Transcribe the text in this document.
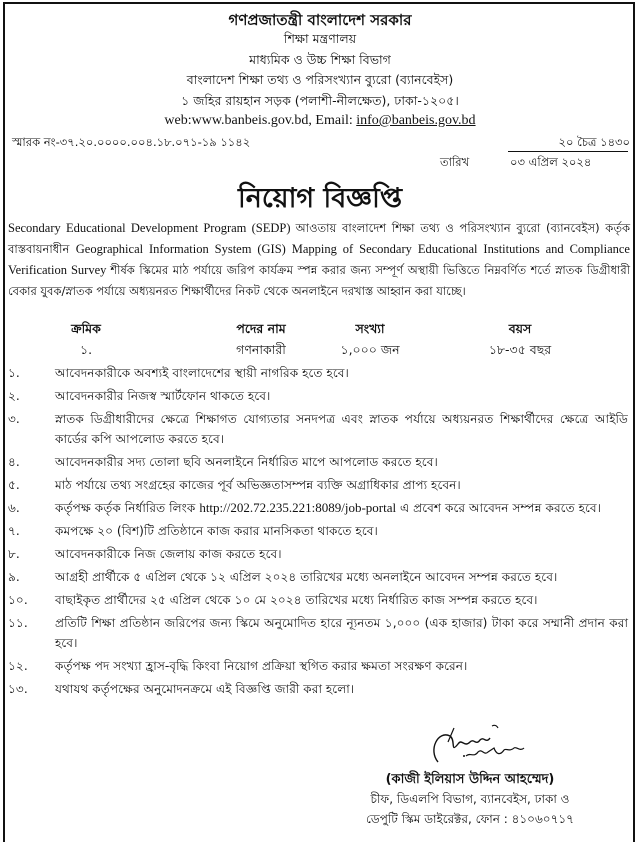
গণপ্রজাতন্ত্রী বাংলাদেশ সরকার
শিক্ষা মন্ত্রণালয়
মাধ্যমিক ও উচ্চ শিক্ষা বিভাগ
বাংলাদেশ শিক্ষা তথ্য ও পরিসংখ্যান ব্যুরো (ব্যানবেইস)
১ জহির রায়হান সড়ক (পলাশী-নীলক্ষেত), ঢাকা-১২০৫।
web:www.banbeis.gov.bd, Email: info@banbeis.gov.bd
স্মারক নং-৩৭.২০.০০০০.০০৪.১৮.০৭১-১৯ ১১৪২	২০ চৈত্র ১৪৩০
তারিখ	০৩ এপ্রিল ২০২৪
নিয়োগ বিজ্ঞপ্তি
Secondary Educational Development Program (SEDP) আওতায় বাংলাদেশ শিক্ষা তথ্য ও পরিসংখ্যান ব্যুরো (ব্যানবেইস) কর্তৃক বাস্তবায়নাধীন Geographical Information System (GIS) Mapping of Secondary Educational Institutions and Compliance Verification Survey শীর্ষক স্কিমের মাঠ পর্যায়ে জরিপ কার্যক্রম স্পন্ন করার জন্য সম্পূর্ণ অস্থায়ী ভিত্তিতে নিম্নবর্ণিত শর্তে স্নাতক ডিগ্রীধারী বেকার যুবক/স্নাতক পর্যায়ে অধ্যয়নরত শিক্ষার্থীদের নিকট থেকে অনলাইনে দরখাস্ত আহ্বান করা যাচ্ছে।
ক্রমিক	পদের নাম	সংখ্যা	বয়স
১.	গণনাকারী	১,০০০ জন	১৮-৩৫ বছর
১.	আবেদনকারীকে অবশ্যই বাংলাদেশের স্থায়ী নাগরিক হতে হবে।
২.	আবেদনকারীর নিজস্ব স্মার্টফোন থাকতে হবে।
৩.	স্নাতক ডিগ্রীধারীদের ক্ষেত্রে শিক্ষাগত যোগ্যতার সনদপত্র এবং স্নাতক পর্যায়ে অধ্যয়নরত শিক্ষার্থীদের ক্ষেত্রে আইডি কার্ডের কপি আপলোড করতে হবে।
৪.	আবেদনকারীর সদ্য তোলা ছবি অনলাইনে নির্ধারিত মাপে আপলোড করতে হবে।
৫.	মাঠ পর্যায়ে তথ্য সংগ্রহের কাজের পূর্ব অভিজ্ঞতাসম্পন্ন ব্যক্তি অগ্রাধিকার প্রাপ্য হবেন।
৬.	কর্তৃপক্ষ কর্তৃক নির্ধারিত লিংক http://202.72.235.221:8089/job-portal এ প্রবেশ করে আবেদন সম্পন্ন করতে হবে।
৭.	কমপক্ষে ২০ (বিশ)টি প্রতিষ্ঠানে কাজ করার মানসিকতা থাকতে হবে।
৮.	আবেদনকারীকে নিজ জেলায় কাজ করতে হবে।
৯.	আগ্রহী প্রার্থীকে ৫ এপ্রিল থেকে ১২ এপ্রিল ২০২৪ তারিখের মধ্যে অনলাইনে আবেদন সম্পন্ন করতে হবে।
১০.	বাছাইকৃত প্রার্থীদের ২৫ এপ্রিল থেকে ১০ মে ২০২৪ তারিখের মধ্যে নির্ধারিত কাজ সম্পন্ন করতে হবে।
১১.	প্রতিটি শিক্ষা প্রতিষ্ঠান জরিপের জন্য স্কিমে অনুমোদিত হারে ন্যূনতম ১,০০০ (এক হাজার) টাকা করে সম্মানী প্রদান করা হবে।
১২.	কর্তৃপক্ষ পদ সংখ্যা হ্রাস-বৃদ্ধি কিংবা নিয়োগ প্রক্রিয়া স্থগিত করার ক্ষমতা সংরক্ষণ করেন।
১৩.	যথাযথ কর্তৃপক্ষের অনুমোদনক্রমে এই বিজ্ঞপ্তি জারী করা হলো।
(কাজী ইলিয়াস উদ্দিন আহম্মেদ)
চীফ, ডিএলপি বিভাগ, ব্যানবেইস, ঢাকা ও
ডেপুটি স্কিম ডাইরেক্টর, ফোন : ৪১০৬০৭১৭
